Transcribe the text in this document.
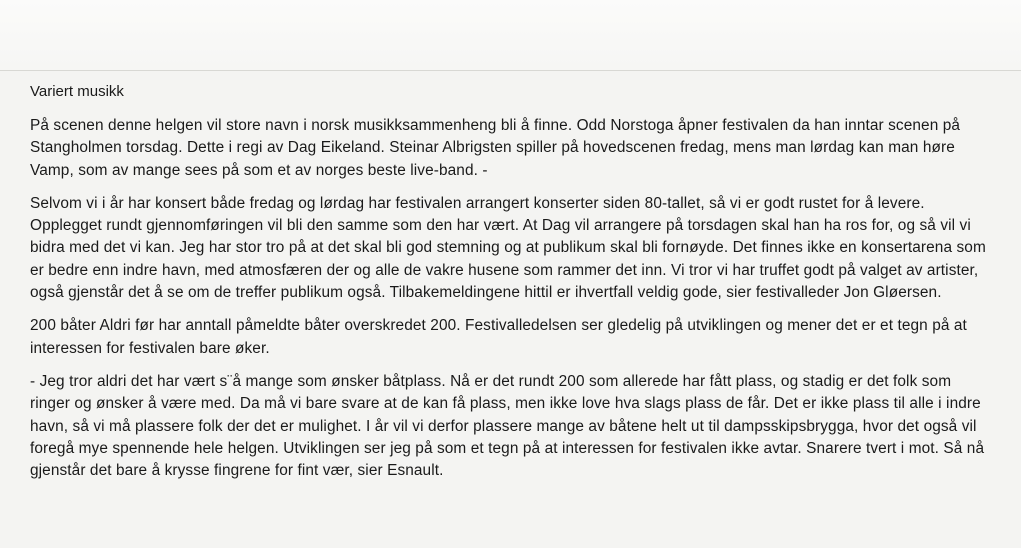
Variert musikk
På scenen denne helgen vil store navn i norsk musikksammenheng bli å finne. Odd Norstoga åpner festivalen da han inntar scenen på
Stangholmen torsdag. Dette i regi av Dag Eikeland. Steinar Albrigsten spiller på hovedscenen fredag, mens man lørdag kan man høre
Vamp, som av mange sees på som et av norges beste live-band. -
Selvom vi i år har konsert både fredag og lørdag har festivalen arrangert konserter siden 80-tallet, så vi er godt rustet for å levere.
Opplegget rundt gjennomføringen vil bli den samme som den har vært. At Dag vil arrangere på torsdagen skal han ha ros for, og så vil vi
bidra med det vi kan. Jeg har stor tro på at det skal bli god stemning og at publikum skal bli fornøyde. Det finnes ikke en konsertarena som
er bedre enn indre havn, med atmosfæren der og alle de vakre husene som rammer det inn. Vi tror vi har truffet godt på valget av artister,
også gjenstår det å se om de treffer publikum også. Tilbakemeldingene hittil er ihvertfall veldig gode, sier festivalleder Jon Gløersen.
200 båter Aldri før har anntall påmeldte båter overskredet 200. Festivalledelsen ser gledelig på utviklingen og mener det er et tegn på at
interessen for festivalen bare øker.
- Jeg tror aldri det har vært s¨å mange som ønsker båtplass. Nå er det rundt 200 som allerede har fått plass, og stadig er det folk som
ringer og ønsker å være med. Da må vi bare svare at de kan få plass, men ikke love hva slags plass de får. Det er ikke plass til alle i indre
havn, så vi må plassere folk der det er mulighet. I år vil vi derfor plassere mange av båtene helt ut til dampsskipsbrygga, hvor det også vil
foregå mye spennende hele helgen. Utviklingen ser jeg på som et tegn på at interessen for festivalen ikke avtar. Snarere tvert i mot. Så nå
gjenstår det bare å krysse fingrene for fint vær, sier Esnault.
